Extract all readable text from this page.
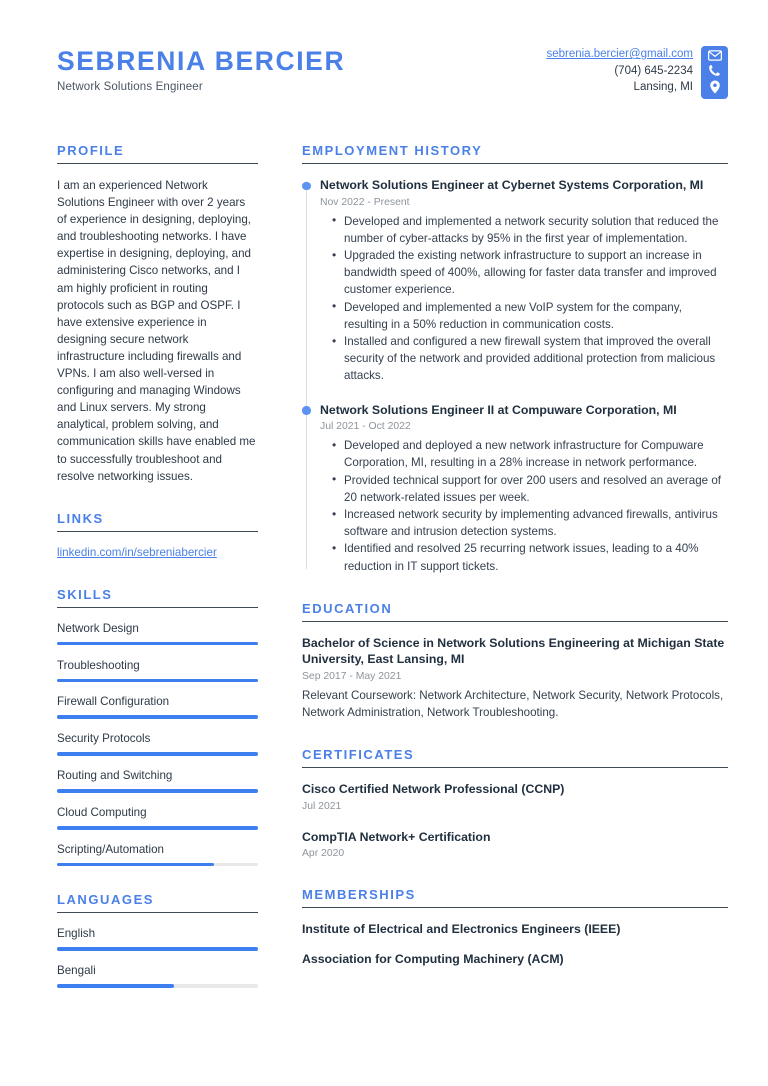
SEBRENIA BERCIER

Network Solutions Engineer

sebrenia.bercier@gmail.com
(704) 645-2234
Lansing, MI
PROFILE

I am an experienced Network Solutions Engineer with over 2 years of experience in designing, deploying, and troubleshooting networks. I have expertise in designing, deploying, and administering Cisco networks, and I am highly proficient in routing protocols such as BGP and OSPF. I have extensive experience in designing secure network infrastructure including firewalls and VPNs. I am also well-versed in configuring and managing Windows and Linux servers. My strong analytical, problem solving, and communication skills have enabled me to successfully troubleshoot and resolve networking issues.

LINKS
linkedin.com/in/sebreniabercier
SKILLS
Network Design
Troubleshooting
Firewall Configuration
Security Protocols
Routing and Switching
Cloud Computing
Scripting/Automation
LANGUAGES
English
Bengali
EMPLOYMENT HISTORY

Network Solutions Engineer at Cybernet Systems Corporation, MI

Nov 2022 - Present

• Developed and implemented a network security solution that reduced the number of cyber-attacks by 95% in the first year of implementation.
• Upgraded the existing network infrastructure to support an increase in bandwidth speed of 400%, allowing for faster data transfer and improved customer experience.
• Developed and implemented a new VoIP system for the company, resulting in a 50% reduction in communication costs.
• Installed and configured a new firewall system that improved the overall security of the network and provided additional protection from malicious attacks.

Network Solutions Engineer II at Compuware Corporation, MI

Jul 2021 - Oct 2022

• Developed and deployed a new network infrastructure for Compuware Corporation, MI, resulting in a 28% increase in network performance.
• Provided technical support for over 200 users and resolved an average of 20 network-related issues per week.
• Increased network security by implementing advanced firewalls, antivirus software and intrusion detection systems.
• Identified and resolved 25 recurring network issues, leading to a 40% reduction in IT support tickets.
EDUCATION

Bachelor of Science in Network Solutions Engineering at Michigan State University, East Lansing, MI

Sep 2017 - May 2021

Relevant Coursework: Network Architecture, Network Security, Network Protocols, Network Administration, Network Troubleshooting.

CERTIFICATES

Cisco Certified Network Professional (CCNP)

Jul 2021

CompTIA Network+ Certification

Apr 2020

MEMBERSHIPS
Institute of Electrical and Electronics Engineers (IEEE)
Association for Computing Machinery (ACM)
